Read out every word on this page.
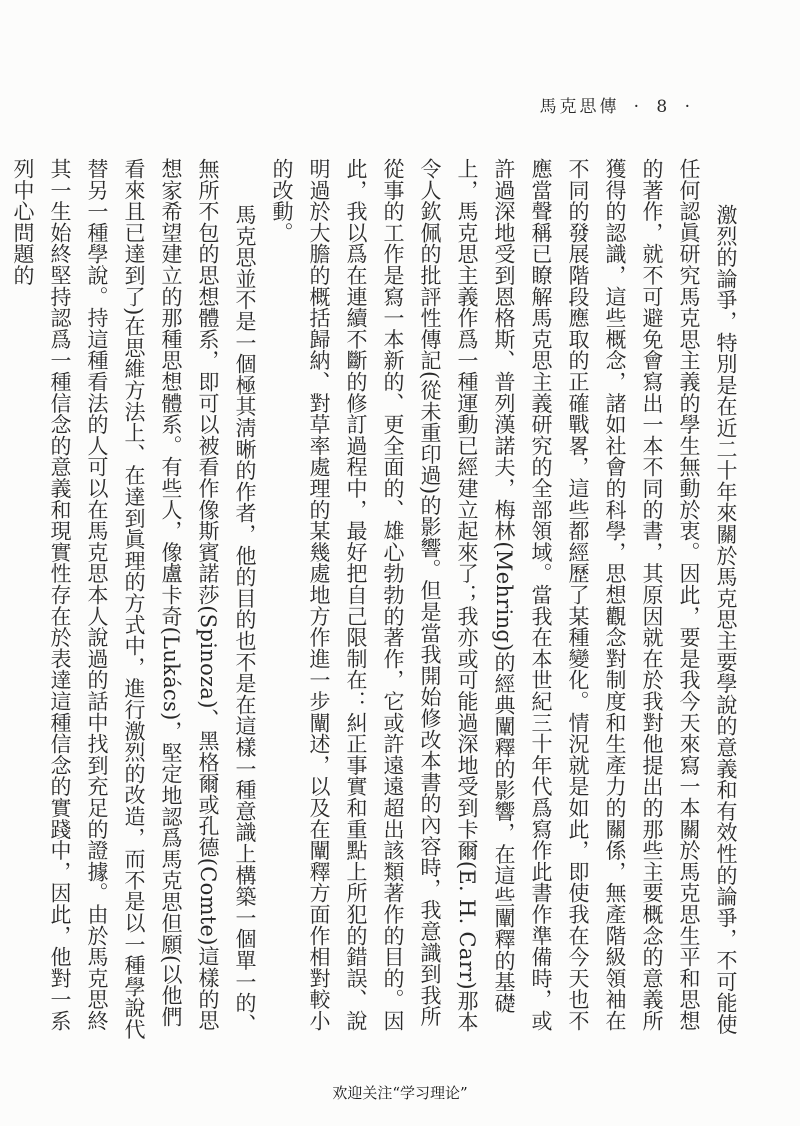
馬克思傳 · 8 ·

激烈的論爭，特別是在近二十年來關於馬克思主要學說的意義和有效性的論爭，不可能使任何認眞研究馬克思主義的學生無動於衷。因此，要是我今天來寫一本關於馬克思生平和思想的著作，就不可避免會寫出一本不同的書，其原因就在於我對他提出的那些主要概念的意義所獲得的認識，這些概念，諸如社會的科學，思想觀念對制度和生產力的關係，無產階級領袖在不同的發展階段應取的正確戰畧，這些都經歷了某種變化。情況就是如此，即使我在今天也不應當聲稱已瞭解馬克思主義研究的全部領域。當我在本世紀三十年代爲寫作此書作準備時，或許過深地受到恩格斯、普列漢諾夫，梅林(Mehring)的經典闡釋的影響，在這些闡釋的基礎上，馬克思主義作爲一種運動已經建立起來了；我亦或可能過深地受到卡爾(E. H. Carr)那本令人欽佩的批評性傳記(從未重印過)的影響。但是當我開始修改本書的內容時，我意識到我所從事的工作是寫一本新的、更全面的、雄心勃勃的著作，它或許遠遠超出該類著作的目的。因此，我以爲在連續不斷的修訂過程中，最好把自己限制在：糾正事實和重點上所犯的錯誤、說明過於大膽的概括歸納、對草率處理的某幾處地方作進一步闡述，以及在闡釋方面作相對較小的改動。

馬克思並不是一個極其淸晰的作者，他的目的也不是在這樣一種意識上構築一個單一的、無所不包的思想體系，即可以被看作像斯賓諾莎(Spinoza)、黑格爾或孔德(Comte)這樣的思想家希望建立的那種思想體系。有些人，像盧卡奇(Lukács)，堅定地認爲馬克思但願(以他們看來且已達到了)在思維方法上、在達到眞理的方式中，進行激烈的改造，而不是以一種學說代替另一種學說。持這種看法的人可以在馬克思本人說過的話中找到充足的證據。由於馬克思終其一生始終堅持認爲一種信念的意義和現實性存在於表達這種信念的實踐中，因此，他對一系列中心問題的

欢迎关注“学习理论”
